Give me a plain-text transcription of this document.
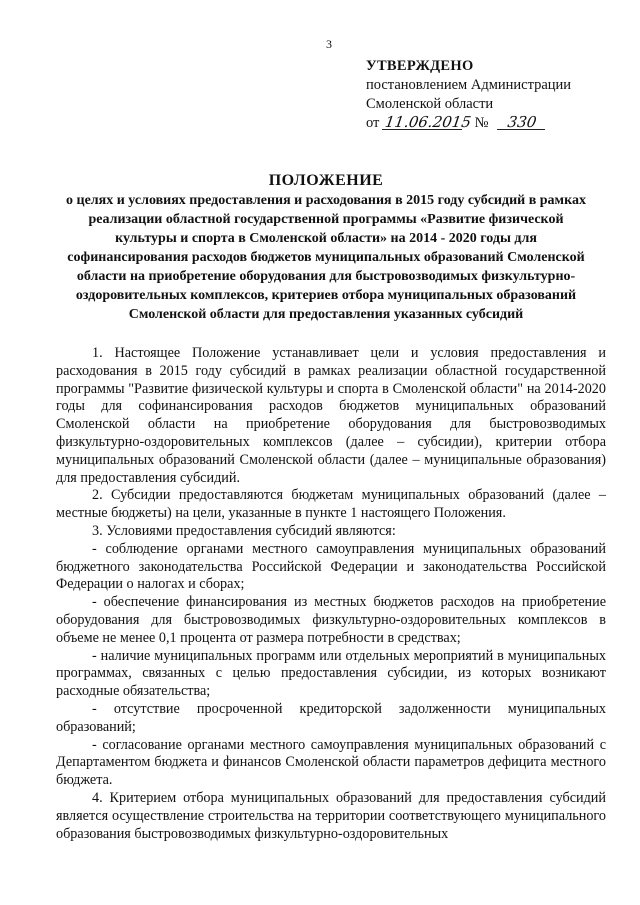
3
УТВЕРЖДЕНО
постановлением Администрации
Смоленской области
от 11.06.2015 № 330
ПОЛОЖЕНИЕ
о целях и условиях предоставления и расходования в 2015 году субсидий в рамках реализации областной государственной программы «Развитие физической культуры и спорта в Смоленской области» на 2014 - 2020 годы для софинансирования расходов бюджетов муниципальных образований Смоленской области на приобретение оборудования для быстровозводимых физкультурно-оздоровительных комплексов, критериев отбора муниципальных образований Смоленской области для предоставления указанных субсидий

1. Настоящее Положение устанавливает цели и условия предоставления и расходования в 2015 году субсидий в рамках реализации областной государственной программы "Развитие физической культуры и спорта в Смоленской области" на 2014-2020 годы для софинансирования расходов бюджетов муниципальных образований Смоленской области на приобретение оборудования для быстровозводимых физкультурно-оздоровительных комплексов (далее – субсидии), критерии отбора муниципальных образований Смоленской области (далее – муниципальные образования) для предоставления субсидий.

2. Субсидии предоставляются бюджетам муниципальных образований (далее – местные бюджеты) на цели, указанные в пункте 1 настоящего Положения.

3. Условиями предоставления субсидий являются:

- соблюдение органами местного самоуправления муниципальных образований бюджетного законодательства Российской Федерации и законодательства Российской Федерации о налогах и сборах;

- обеспечение финансирования из местных бюджетов расходов на приобретение оборудования для быстровозводимых физкультурно-оздоровительных комплексов в объеме не менее 0,1 процента от размера потребности в средствах;

- наличие муниципальных программ или отдельных мероприятий в муниципальных программах, связанных с целью предоставления субсидии, из которых возникают расходные обязательства;

- отсутствие просроченной кредиторской задолженности муниципальных образований;

- согласование органами местного самоуправления муниципальных образований с Департаментом бюджета и финансов Смоленской области параметров дефицита местного бюджета.

4. Критерием отбора муниципальных образований для предоставления субсидий является осуществление строительства на территории соответствующего муниципального образования быстровозводимых физкультурно-оздоровительных
